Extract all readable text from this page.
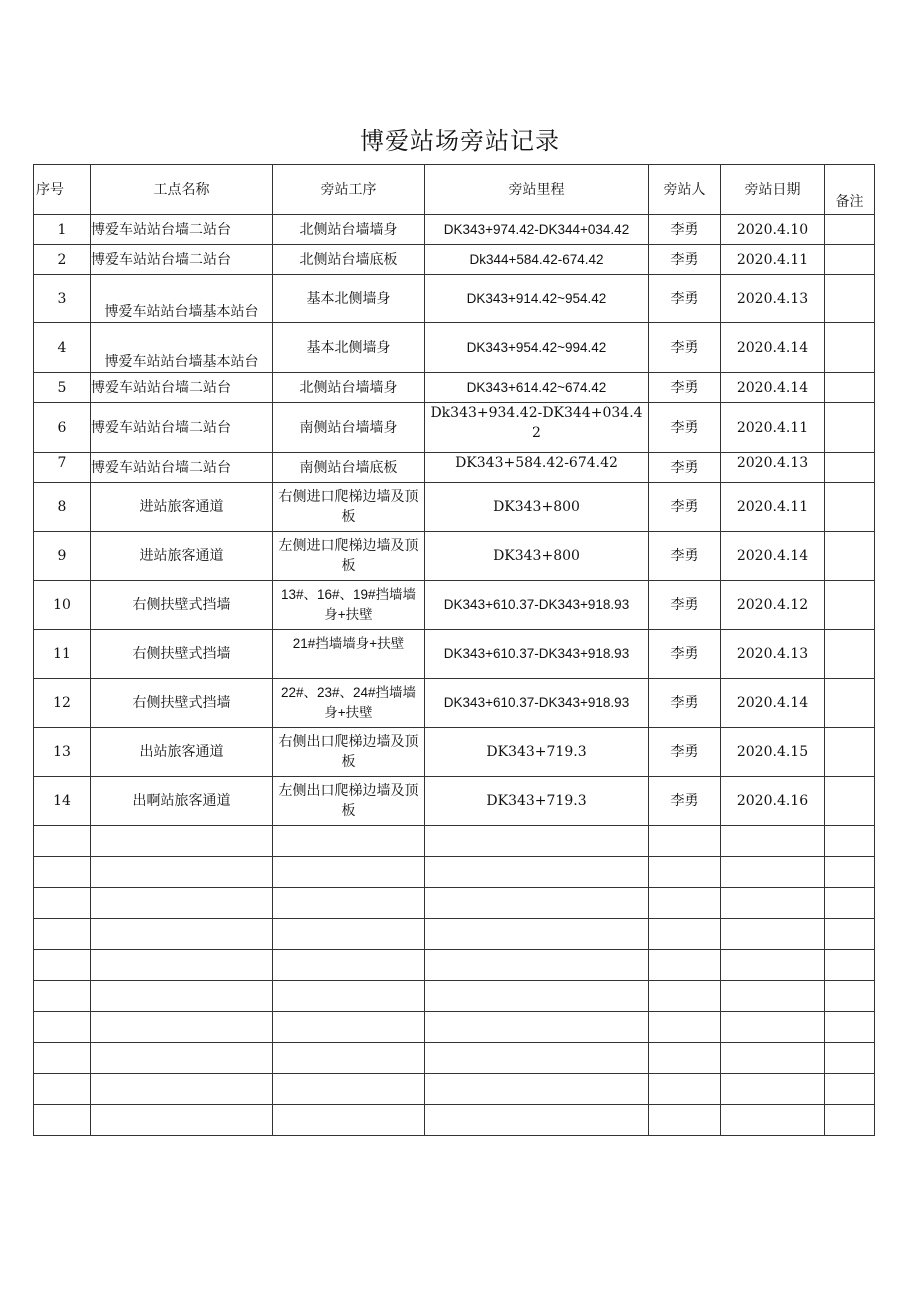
博爱站场旁站记录
序号	工点名称	旁站工序	旁站里程	旁站人	旁站日期	备注
1	博爱车站站台墙二站台	北侧站台墙墙身	DK343+974.42-DK344+034.42	李勇	2020.4.10	
2	博爱车站站台墙二站台	北侧站台墙底板	Dk344+584.42-674.42	李勇	2020.4.11	
3	博爱车站站台墙基本站台	基本北侧墙身	DK343+914.42~954.42	李勇	2020.4.13	
4	博爱车站站台墙基本站台	基本北侧墙身	DK343+954.42~994.42	李勇	2020.4.14	
5	博爱车站站台墙二站台	北侧站台墙墙身	DK343+614.42~674.42	李勇	2020.4.14	
6	博爱车站站台墙二站台	南侧站台墙墙身	Dk343+934.42-DK344+034.42	李勇	2020.4.11	
7	博爱车站站台墙二站台	南侧站台墙底板	DK343+584.42-674.42	李勇	2020.4.13	
8	进站旅客通道	右侧进口爬梯边墙及顶板	DK343+800	李勇	2020.4.11	
9	进站旅客通道	左侧进口爬梯边墙及顶板	DK343+800	李勇	2020.4.14	
10	右侧扶壁式挡墙	13#、16#、19#挡墙墙身+扶壁	DK343+610.37-DK343+918.93	李勇	2020.4.12	
11	右侧扶壁式挡墙	21#挡墙墙身+扶壁	DK343+610.37-DK343+918.93	李勇	2020.4.13	
12	右侧扶壁式挡墙	22#、23#、24#挡墙墙身+扶壁	DK343+610.37-DK343+918.93	李勇	2020.4.14	
13	出站旅客通道	右侧出口爬梯边墙及顶板	DK343+719.3	李勇	2020.4.15	
14	出啊站旅客通道	左侧出口爬梯边墙及顶板	DK343+719.3	李勇	2020.4.16	
